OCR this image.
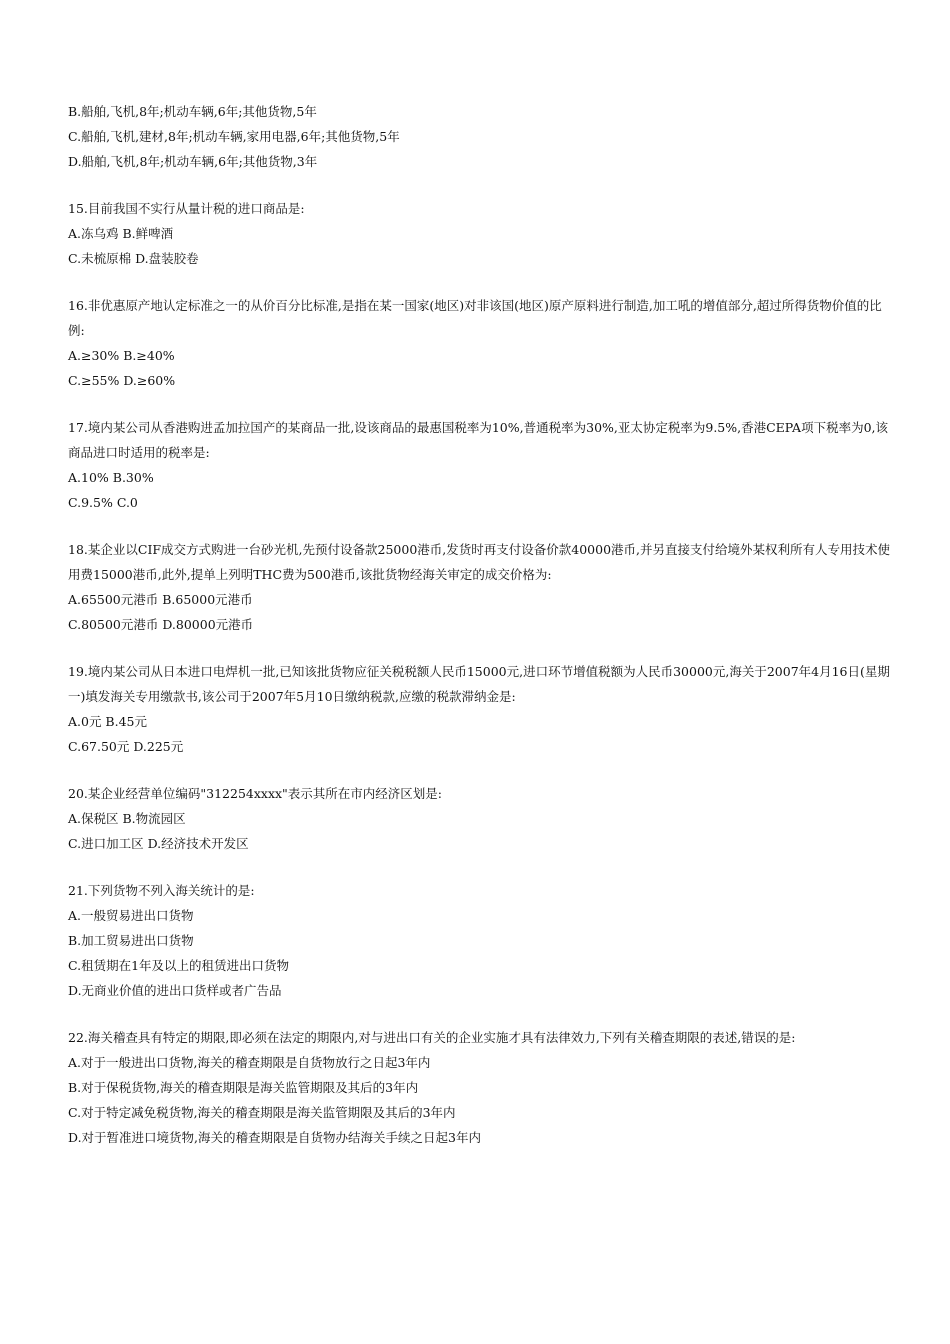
B.船舶,飞机,8年;机动车辆,6年;其他货物,5年
C.船舶,飞机,建材,8年;机动车辆,家用电器,6年;其他货物,5年
D.船舶,飞机,8年;机动车辆,6年;其他货物,3年
15.目前我国不实行从量计税的进口商品是:
A.冻乌鸡 B.鲜啤酒
C.未梳原棉 D.盘装胶卷
16.非优惠原产地认定标准之一的从价百分比标准,是指在某一国家(地区)对非该国(地区)原产原料进行制造,加工吼的增值部分,超过所得货物价值的比例:
A.≥30% B.≥40%
C.≥55% D.≥60%
17.境内某公司从香港购进孟加拉国产的某商品一批,设该商品的最惠国税率为10%,普通税率为30%,亚太协定税率为9.5%,香港CEPA项下税率为0,该商品进口时适用的税率是:
A.10% B.30%
C.9.5% C.0
18.某企业以CIF成交方式购进一台砂光机,先预付设备款25000港币,发货时再支付设备价款40000港币,并另直接支付给境外某权利所有人专用技术使用费15000港币,此外,提单上列明THC费为500港币,该批货物经海关审定的成交价格为:
A.65500元港币 B.65000元港币
C.80500元港币 D.80000元港币
19.境内某公司从日本进口电焊机一批,已知该批货物应征关税税额人民币15000元,进口环节增值税额为人民币30000元,海关于2007年4月16日(星期一)填发海关专用缴款书,该公司于2007年5月10日缴纳税款,应缴的税款滞纳金是:
A.0元 B.45元
C.67.50元 D.225元
20.某企业经营单位编码"312254xxxx"表示其所在市内经济区划是:
A.保税区 B.物流园区
C.进口加工区 D.经济技术开发区
21.下列货物不列入海关统计的是:
A.一般贸易进出口货物
B.加工贸易进出口货物
C.租赁期在1年及以上的租赁进出口货物
D.无商业价值的进出口货样或者广告品
22.海关稽查具有特定的期限,即必须在法定的期限内,对与进出口有关的企业实施才具有法律效力,下列有关稽查期限的表述,错误的是:
A.对于一般进出口货物,海关的稽查期限是自货物放行之日起3年内
B.对于保税货物,海关的稽查期限是海关监管期限及其后的3年内
C.对于特定减免税货物,海关的稽查期限是海关监管期限及其后的3年内
D.对于暂准进口境货物,海关的稽查期限是自货物办结海关手续之日起3年内
